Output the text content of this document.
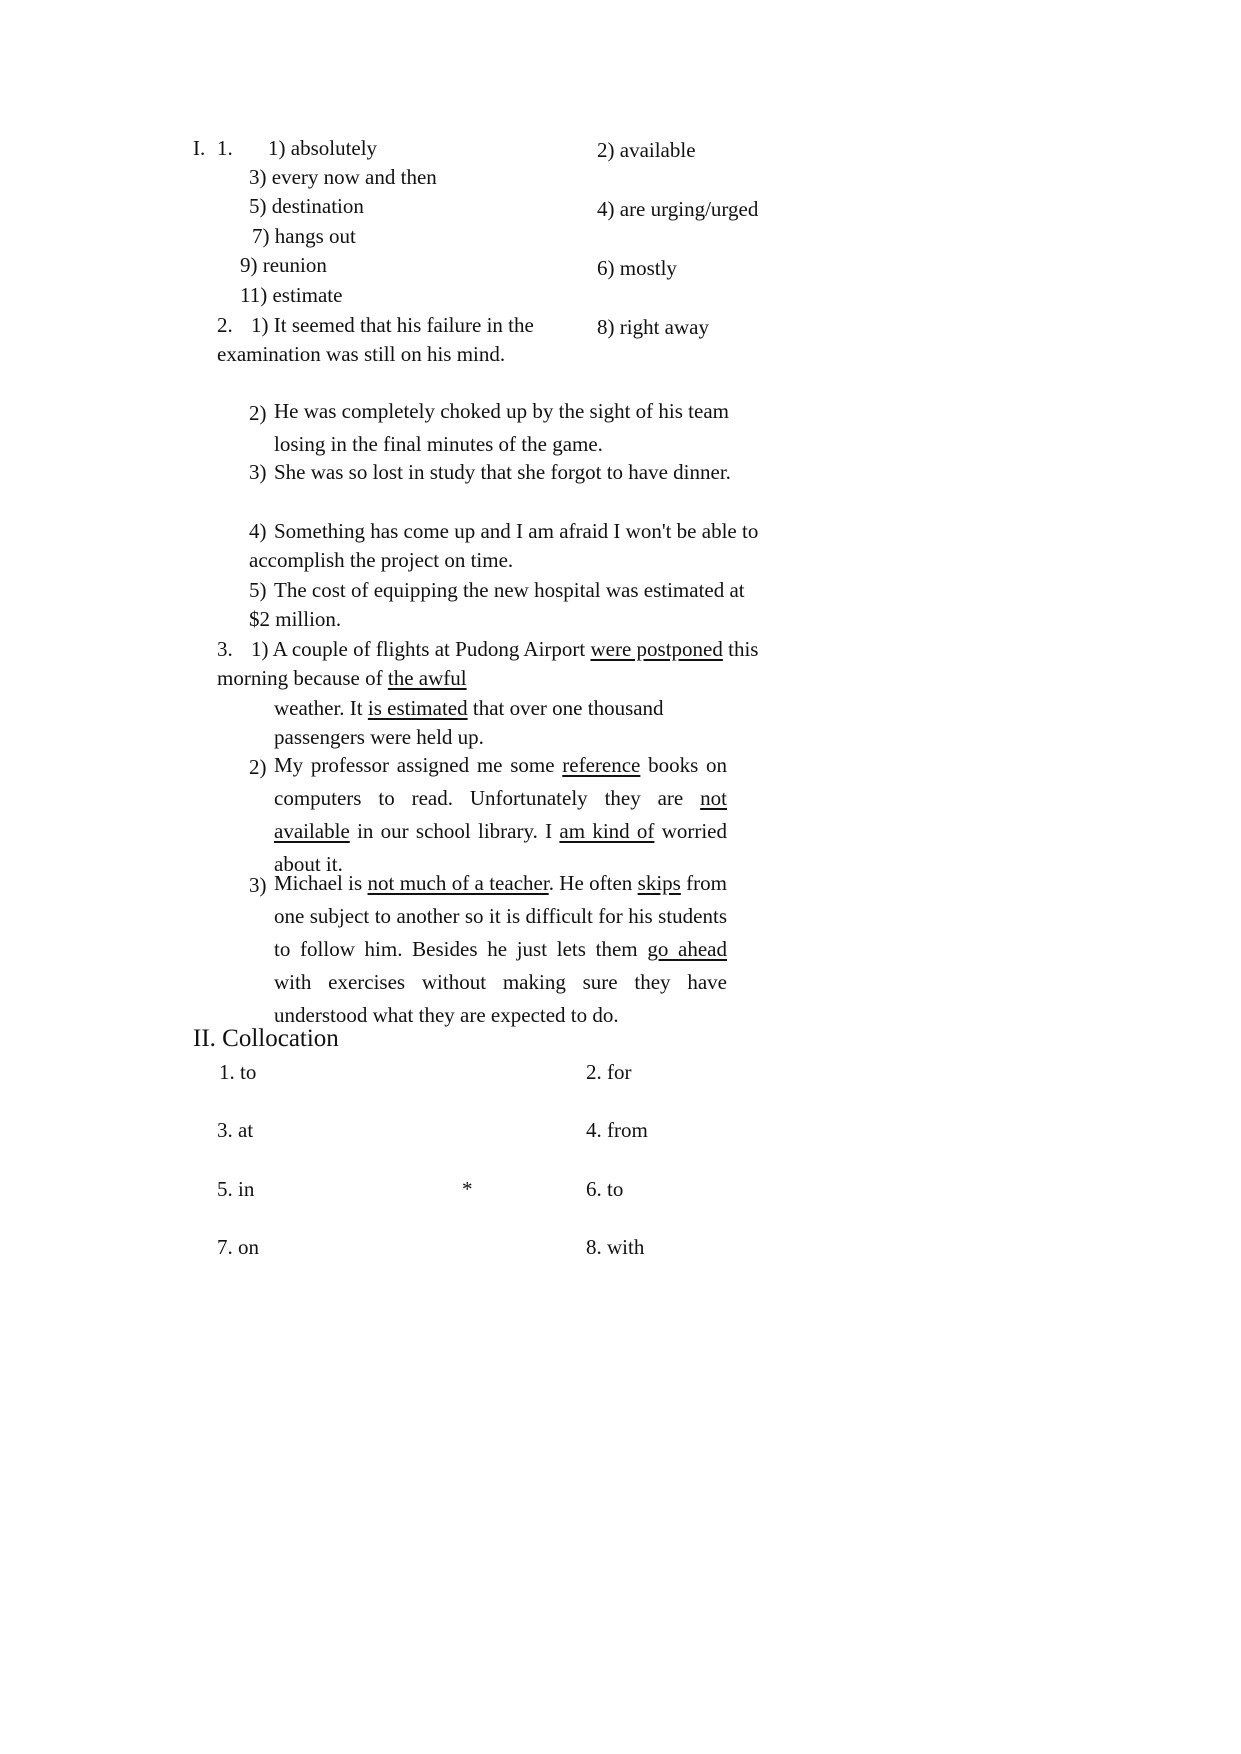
I. 1. 1) absolutely
3) every now and then
5) destination
7) hangs out
9) reunion
11) estimate
2) available
4) are urging/urged
6) mostly
8) right away
2. 1) It seemed that his failure in the
examination was still on his mind.
2) He was completely choked up by the sight of his team losing in the final minutes of the game.
3) She was so lost in study that she forgot to have dinner.
4) Something has come up and I am afraid I won't be able to
accomplish the project on time.
5) The cost of equipping the new hospital was estimated at
$2 million.
3. 1) A couple of flights at Pudong Airport were postponed this
morning because of the awful
weather. It is estimated that over one thousand
passengers were held up.
2) My professor assigned me some reference books on computers to read. Unfortunately they are not available in our school library. I am kind of worried about it.
3) Michael is not much of a teacher. He often skips from one subject to another so it is difficult for his students to follow him. Besides he just lets them go ahead with exercises without making sure they have understood what they are expected to do.
II. Collocation
1. to
3. at
5. in
7. on
*
2. for
4. from
6. to
8. with
